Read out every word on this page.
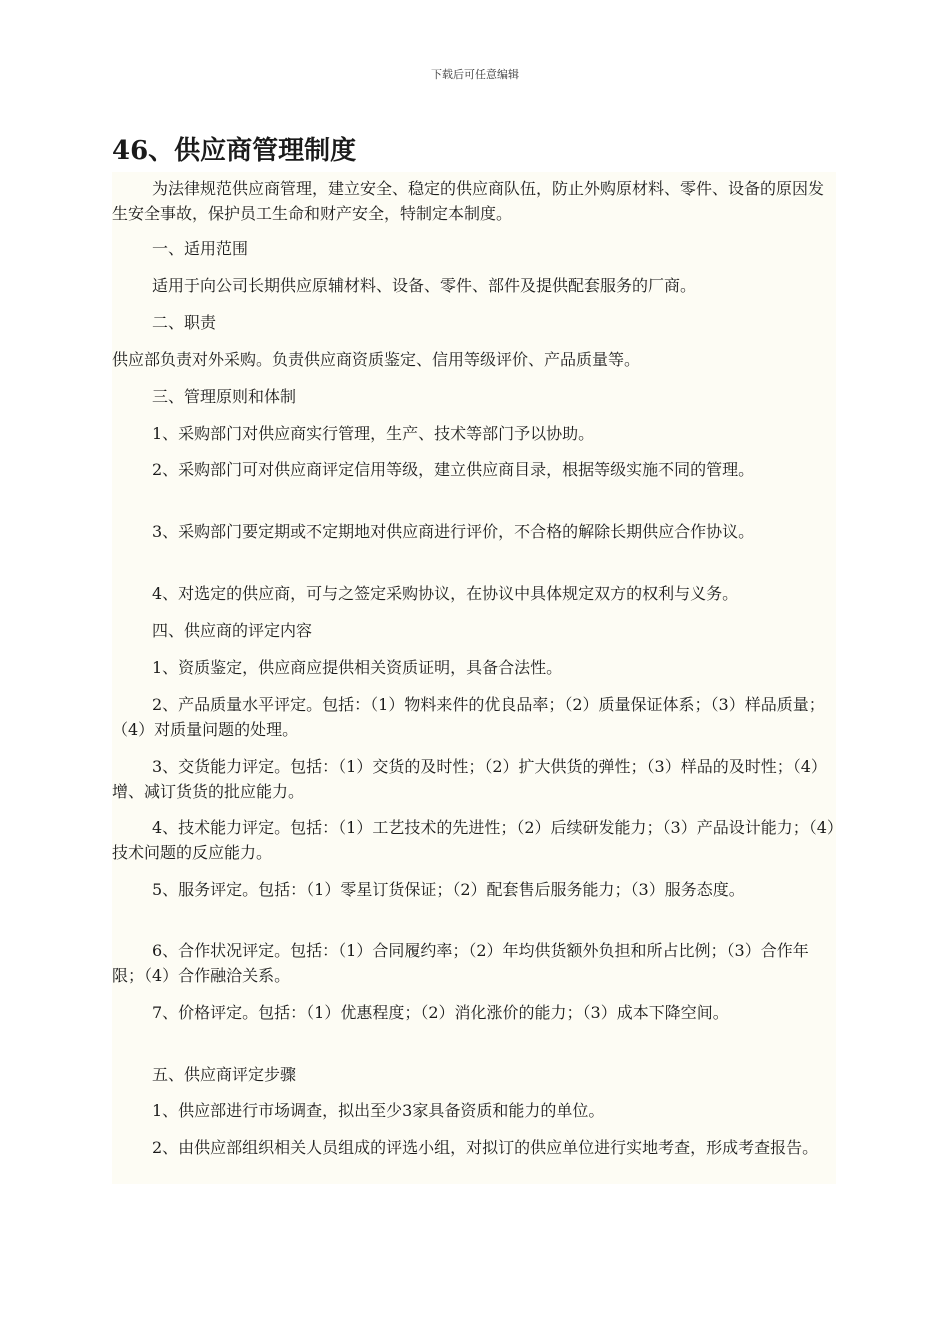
下载后可任意编辑
46、供应商管理制度
为法律规范供应商管理，建立安全、稳定的供应商队伍，防止外购原材料、零件、设备的原因发生安全事故，保护员工生命和财产安全，特制定本制度。
一、适用范围
适用于向公司长期供应原辅材料、设备、零件、部件及提供配套服务的厂商。
二、职责
供应部负责对外采购。负责供应商资质鉴定、信用等级评价、产品质量等。
三、管理原则和体制
1、采购部门对供应商实行管理，生产、技术等部门予以协助。
2、采购部门可对供应商评定信用等级，建立供应商目录，根据等级实施不同的管理。
3、采购部门要定期或不定期地对供应商进行评价，不合格的解除长期供应合作协议。
4、对选定的供应商，可与之签定采购协议，在协议中具体规定双方的权利与义务。
四、供应商的评定内容
1、资质鉴定，供应商应提供相关资质证明，具备合法性。
2、产品质量水平评定。包括：（1）物料来件的优良品率；（2）质量保证体系；（3）样品质量；（4）对质量问题的处理。
3、交货能力评定。包括：（1）交货的及时性；（2）扩大供货的弹性；（3）样品的及时性；（4）增、减订货货的批应能力。
4、技术能力评定。包括：（1）工艺技术的先进性；（2）后续研发能力；（3）产品设计能力；（4）技术问题的反应能力。
5、服务评定。包括：（1）零星订货保证；（2）配套售后服务能力；（3）服务态度。
6、合作状况评定。包括：（1）合同履约率；（2）年均供货额外负担和所占比例；（3）合作年限；（4）合作融洽关系。
7、价格评定。包括：（1）优惠程度；（2）消化涨价的能力；（3）成本下降空间。
五、供应商评定步骤
1、供应部进行市场调查，拟出至少3家具备资质和能力的单位。
2、由供应部组织相关人员组成的评选小组，对拟订的供应单位进行实地考查，形成考查报告。
